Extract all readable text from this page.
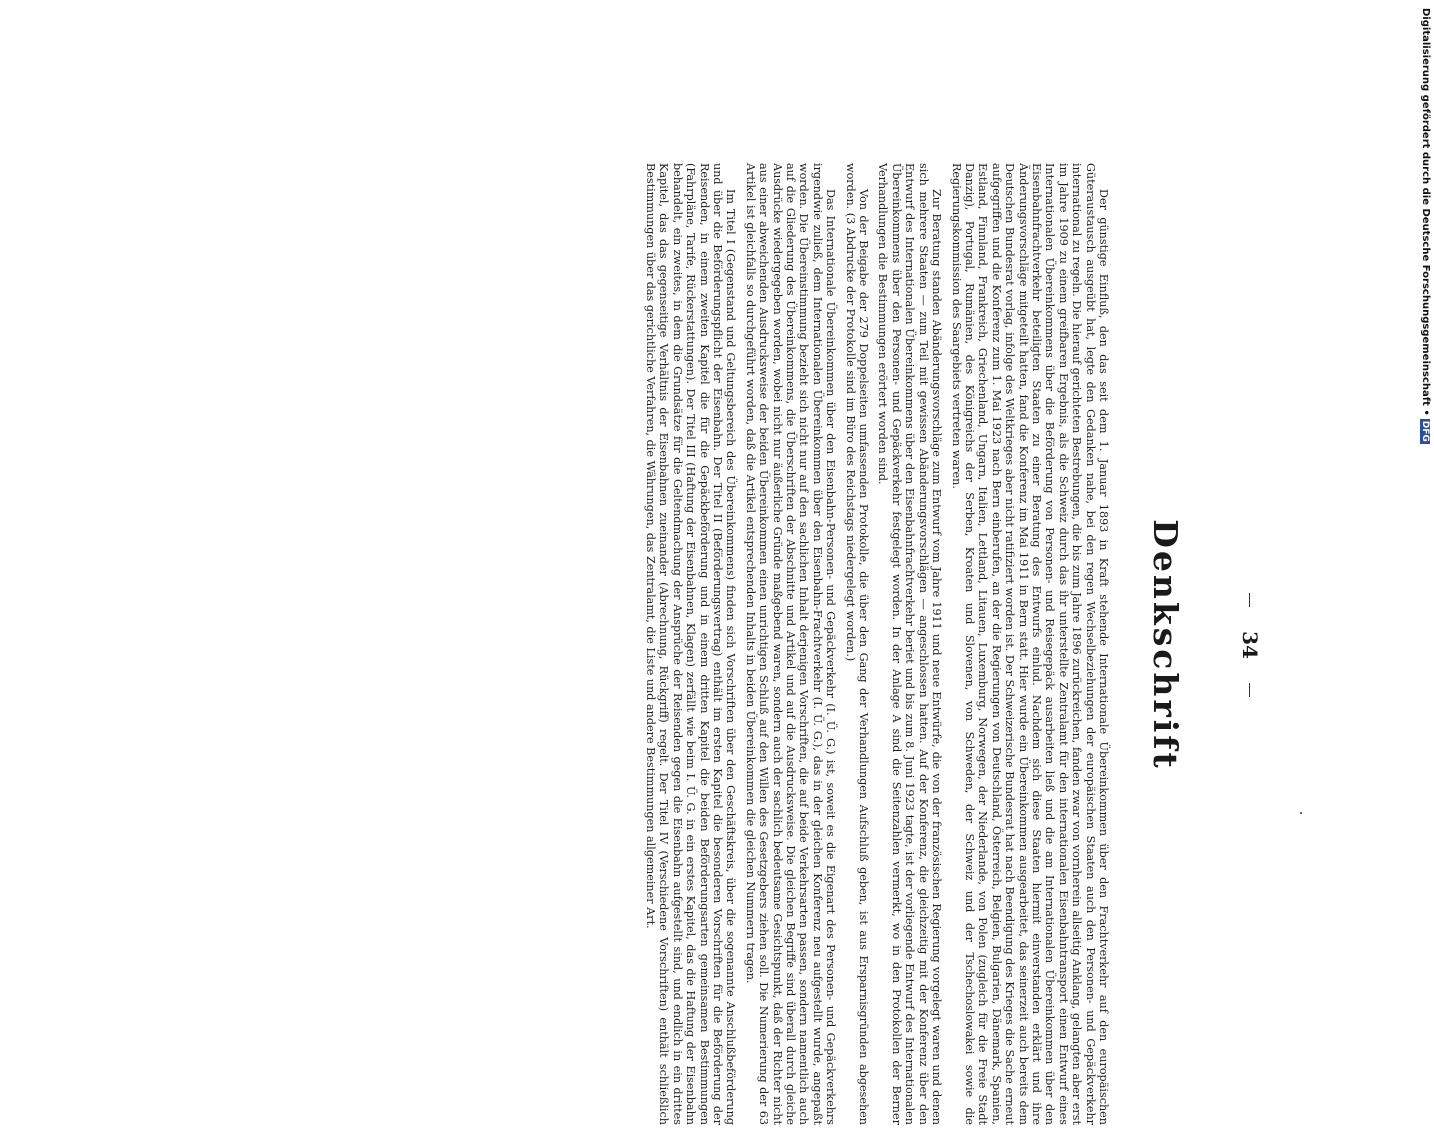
34
Denkschrift

Der günstige Einfluß, den das seit dem 1. Januar 1893 in Kraft stehende Internationale Übereinkommen über den Frachtverkehr auf den europäischen Güteraustausch ausgeübt hat, legte den Gedanken nahe, bei den regen Wechselbeziehungen der europäischen Staaten auch den Personen- und Gepäckverkehr international zu regeln. Die hierauf gerichteten Bestrebungen, die bis zum Jahre 1896 zurückreichen, fanden zwar von vornherein allseitig Anklang, gelangten aber erst im Jahre 1909 zu einem greifbaren Ergebnis, als die Schweiz durch das ihr unterstellte Zentralamt für den internationalen Eisenbahntransport einen Entwurf eines Internationalen Übereinkommens über die Beförderung von Personen- und Reisegepäck ausarbeiten ließ und die am Internationalen Übereinkommen über den Eisenbahnfrachtverkehr beteiligten Staaten zu einer Beratung des Entwurfs einlud. Nachdem sich diese Staaten hiermit einverstanden erklärt und ihre Änderungsvorschläge mitgeteilt hatten, fand die Konferenz im Mai 1911 in Bern statt. Hier wurde ein Übereinkommen ausgearbeitet, das seinerzeit auch bereits dem Deutschen Bundesrat vorlag, infolge des Weltkrieges aber nicht ratifiziert worden ist. Der Schweizerische Bundesrat hat nach Beendigung des Krieges die Sache erneut aufgegriffen und die Konferenz zum 1. Mai 1923 nach Bern einberufen, an der die Regierungen von Deutschland, Österreich, Belgien, Bulgarien, Dänemark, Spanien, Estland, Finnland, Frankreich, Griechenland, Ungarn, Italien, Lettland, Litauen, Luxemburg, Norwegen, der Niederlande, von Polen (zugleich für die Freie Stadt Danzig), Portugal, Rumänien, des Königreichs der Serben, Kroaten und Slovenen, von Schweden, der Schweiz und der Tschechoslowakei sowie die Regierungskommission des Saargebiets vertreten waren.

Zur Beratung standen Abänderungsvorschläge zum Entwurf vom Jahre 1911 und neue Entwürfe, die von der französischen Regierung vorgelegt waren und denen sich mehrere Staaten — zum Teil mit gewissen Abänderungsvorschlägen — angeschlossen hatten. Auf der Konferenz, die gleichzeitig mit der Konferenz über den Entwurf des Internationalen Übereinkommens über den Eisenbahnfrachtverkehr beriet und bis zum 8. Juni 1923 tagte, ist der vorliegende Entwurf des Internationalen Übereinkommens über den Personen- und Gepäckverkehr festgelegt worden. In der Anlage A sind die Seitenzahlen vermerkt, wo in den Protokollen der Berner Verhandlungen die Bestimmungen erörtert worden sind.

Von der Beigabe der 279 Doppelseiten umfassenden Protokolle, die über den Gang der Verhandlungen Aufschluß geben, ist aus Ersparnisgründen abgesehen worden. (3 Abdrucke der Protokolle sind im Büro des Reichstags niedergelegt worden.)

Das Internationale Übereinkommen über den Eisenbahn-Personen- und Gepäckverkehr (I. Ü. G.) ist, soweit es die Eigenart des Personen- und Gepäckverkehrs irgendwie zuließ, dem Internationalen Übereinkommen über den Eisenbahn-Frachtverkehr (I. Ü. G.), das in der gleichen Konferenz neu aufgestellt wurde, angepaßt worden. Die Übereinstimmung bezieht sich nicht nur auf den sachlichen Inhalt derjenigen Vorschriften, die auf beide Verkehrsarten passen, sondern namentlich auch auf die Gliederung des Übereinkommens, die Überschriften der Abschnitte und Artikel und auf die Ausdrucksweise. Die gleichen Begriffe sind überall durch gleiche Ausdrücke wiedergegeben worden, wobei nicht nur äußerliche Gründe maßgebend waren, sondern auch der sachlich bedeutsame Gesichtspunkt, daß der Richter nicht aus einer abweichenden Ausdrucksweise der beiden Übereinkommen einen unrichtigen Schluß auf den Willen des Gesetzgebers ziehen soll. Die Numerierung der 63 Artikel ist gleichfalls so durchgeführt worden, daß die Artikel entsprechenden Inhalts in beiden Übereinkommen die gleichen Nummern tragen.

Im Titel I (Gegenstand und Geltungsbereich des Übereinkommens) finden sich Vorschriften über den Geschäftskreis, über die sogenannte Anschlußbeförderung und über die Beförderungspflicht der Eisenbahn. Der Titel II (Beförderungsvertrag) enthält im ersten Kapitel die besonderen Vorschriften für die Beförderung der Reisenden, in einem zweiten Kapitel die für die Gepäckbeförderung und in einem dritten Kapitel die beiden Beförderungsarten gemeinsamen Bestimmungen (Fahrpläne, Tarife, Rückerstattungen). Der Titel III (Haftung der Eisenbahnen, Klagen) zerfällt wie beim I. Ü. G. in ein erstes Kapitel, das die Haftung der Eisenbahn behandelt, ein zweites, in dem die Grundsätze für die Geltendmachung der Ansprüche der Reisenden gegen die Eisenbahn aufgestellt sind, und endlich in ein drittes Kapitel, das das gegenseitige Verhältnis der Eisenbahnen zueinander (Abrechnung, Rückgriff) regelt. Der Titel IV (Verschiedene Vorschriften) enthält schließlich Bestimmungen über das gerichtliche Verfahren, die Währungen, das Zentralamt, die Liste und andere Bestimmungen allgemeiner Art.	Digitalisierung gefördert durch die Deutsche Forschungsgemeinschaft •DFG
